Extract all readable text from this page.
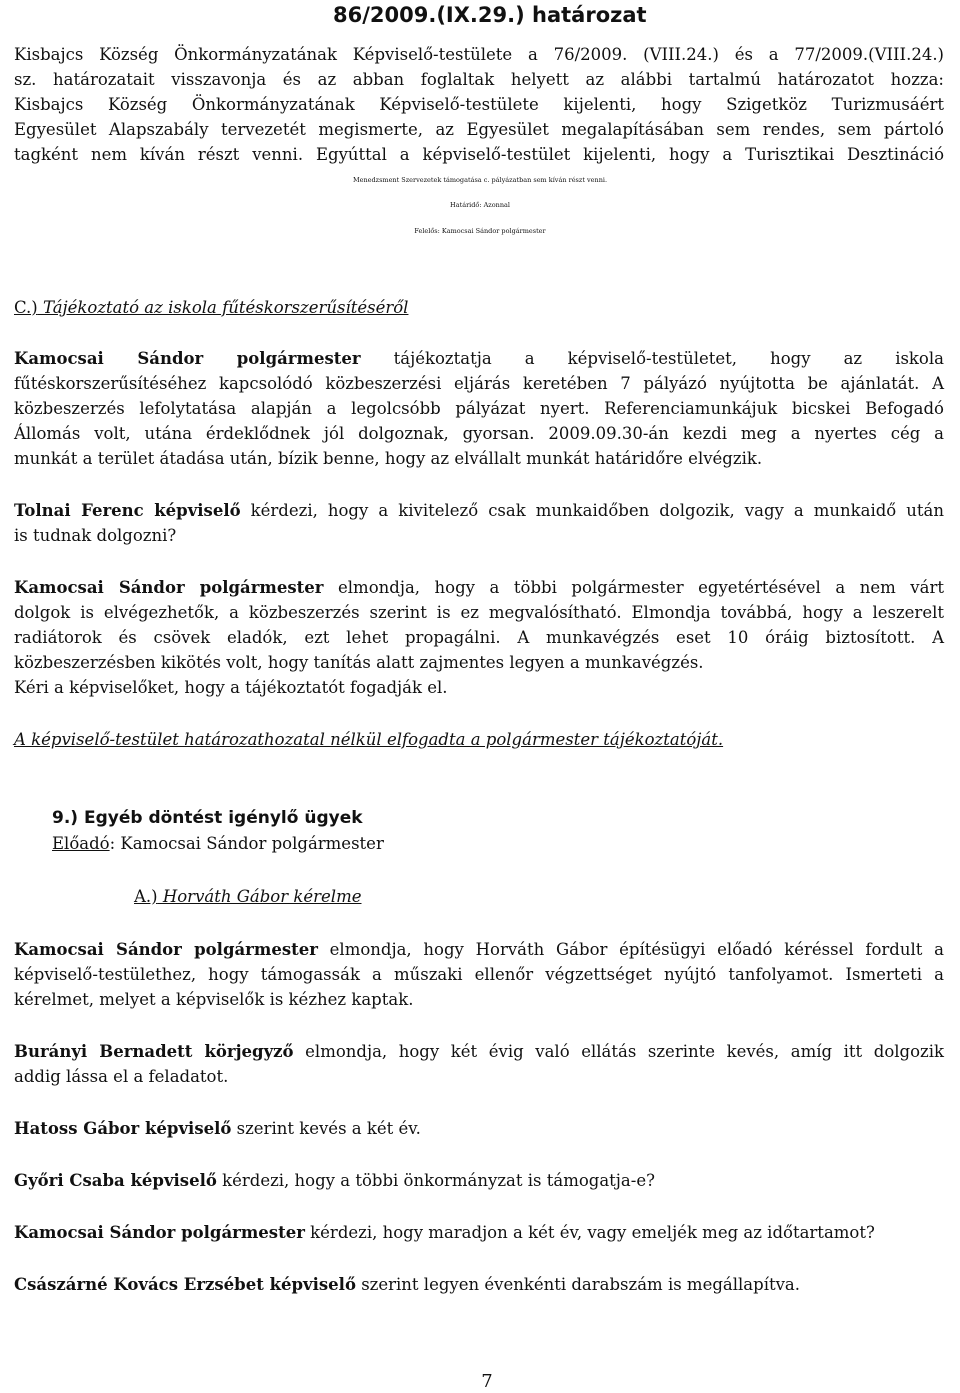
86/2009.(IX.29.) határozat
Kisbajcs Község Önkormányzatának Képviselő-testülete a 76/2009. (VIII.24.) és a 77/2009.(VIII.24.)
sz. határozatait visszavonja és az abban foglaltak helyett az alábbi tartalmú határozatot hozza:
Kisbajcs Község Önkormányzatának Képviselő-testülete kijelenti, hogy Szigetköz Turizmusáért
Egyesület Alapszabály tervezetét megismerte, az Egyesület megalapításában sem rendes, sem pártoló
tagként nem kíván részt venni. Egyúttal a képviselő-testület kijelenti, hogy a Turisztikai Desztináció
Menedzsment Szervezetek támogatása c. pályázatban sem kíván részt venni.
Határidő: Azonnal
Felelős: Kamocsai Sándor polgármester
C.) Tájékoztató az iskola fűtéskorszerűsítéséről
Kamocsai Sándor polgármester tájékoztatja a képviselő-testületet, hogy az iskola
fűtéskorszerűsítéséhez kapcsolódó közbeszerzési eljárás keretében 7 pályázó nyújtotta be ajánlatát. A
közbeszerzés lefolytatása alapján a legolcsóbb pályázat nyert. Referenciamunkájuk bicskei Befogadó
Állomás volt, utána érdeklődnek jól dolgoznak, gyorsan. 2009.09.30-án kezdi meg a nyertes cég a
munkát a terület átadása után, bízik benne, hogy az elvállalt munkát határidőre elvégzik.
Tolnai Ferenc képviselő kérdezi, hogy a kivitelező csak munkaidőben dolgozik, vagy a munkaidő után
is tudnak dolgozni?
Kamocsai Sándor polgármester elmondja, hogy a többi polgármester egyetértésével a nem várt
dolgok is elvégezhetők, a közbeszerzés szerint is ez megvalósítható. Elmondja továbbá, hogy a leszerelt
radiátorok és csövek eladók, ezt lehet propagálni. A munkavégzés eset 10 óráig biztosított. A
közbeszerzésben kikötés volt, hogy tanítás alatt zajmentes legyen a munkavégzés.
Kéri a képviselőket, hogy a tájékoztatót fogadják el.
A képviselő-testület határozathozatal nélkül elfogadta a polgármester tájékoztatóját.
9.) Egyéb döntést igénylő ügyek
Előadó: Kamocsai Sándor polgármester
A.) Horváth Gábor kérelme
Kamocsai Sándor polgármester elmondja, hogy Horváth Gábor építésügyi előadó kéréssel fordult a
képviselő-testülethez, hogy támogassák a műszaki ellenőr végzettséget nyújtó tanfolyamot. Ismerteti a
kérelmet, melyet a képviselők is kézhez kaptak.
Burányi Bernadett körjegyző elmondja, hogy két évig való ellátás szerinte kevés, amíg itt dolgozik
addig lássa el a feladatot.
Hatoss Gábor képviselő szerint kevés a két év.
Győri Csaba képviselő kérdezi, hogy a többi önkormányzat is támogatja-e?
Kamocsai Sándor polgármester kérdezi, hogy maradjon a két év, vagy emeljék meg az időtartamot?
Császárné Kovács Erzsébet képviselő szerint legyen évenkénti darabszám is megállapítva.
7
